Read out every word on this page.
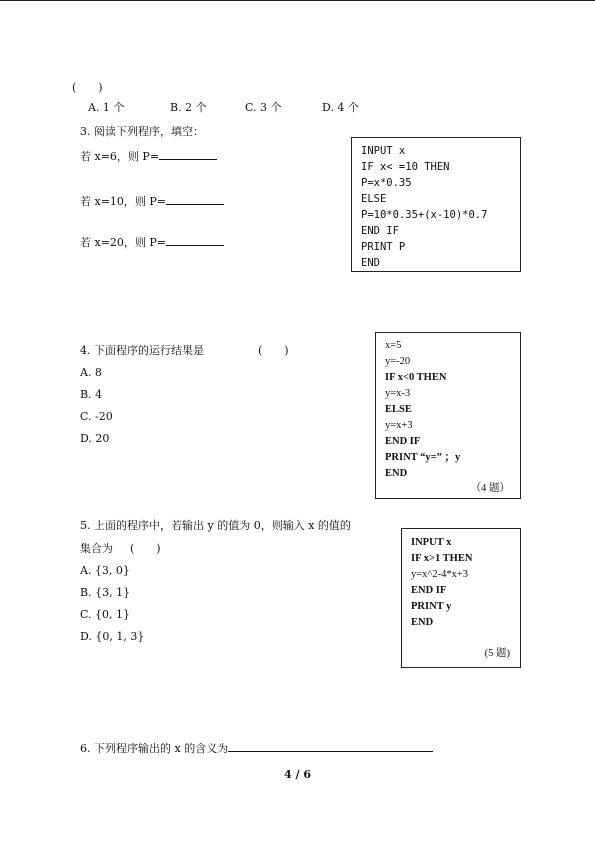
(　　)
A. 1 个	B. 2 个	C. 3 个	D. 4 个
3. 阅读下列程序，填空：
若 x=6，则 P=
若 x=10，则 P=
若 x=20，则 P=
INPUT x
IF x< =10 THEN
P=x*0.35
ELSE
P=10*0.35+(x-10)*0.7
END IF
PRINT P
END
4. 下面程序的运行结果是	(　　)
A. 8
B. 4
C. -20
D. 20
x=5
y=-20
IF x<0 THEN
y=x-3
ELSE
y=x+3
END IF
PRINT “y=” ；y
END
（4 题）
5. 上面的程序中，若输出 y 的值为 0，则输入 x 的值的
集合为 (　　)
A. {3, 0}
B. {3, 1}
C. {0, 1}
D. {0, 1, 3}
INPUT x
IF x>1 THEN
y=x^2-4*x+3
END IF
PRINT y
END
(5 题)
6. 下列程序输出的 x 的含义为
4 / 6
